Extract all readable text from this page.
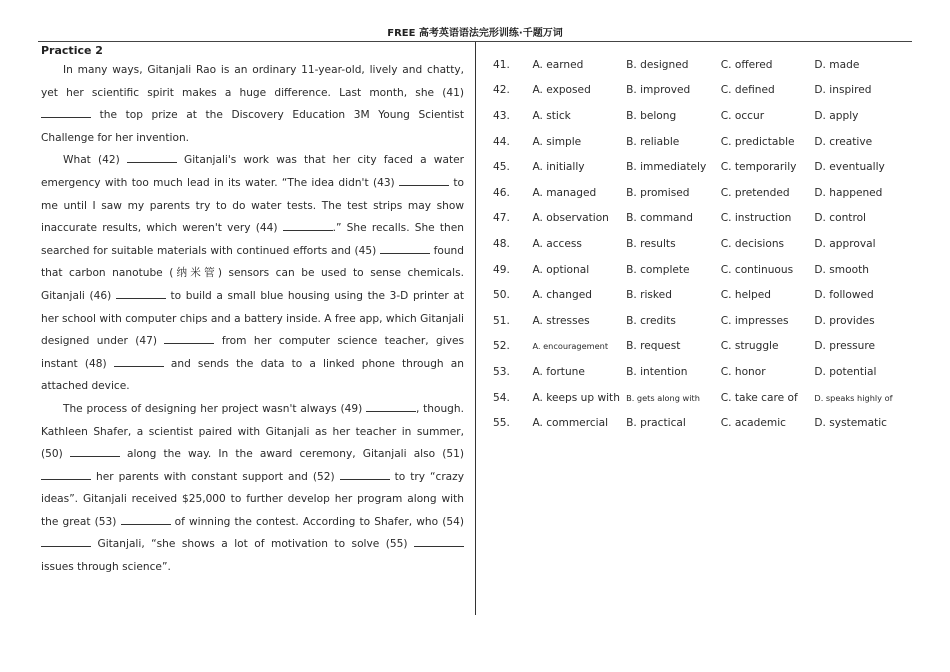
FREE 高考英语语法完形训练·千题万词
Practice 2

In many ways, Gitanjali Rao is an ordinary 11-year-old, lively and chatty, yet her scientific spirit makes a huge difference. Last month, she (41)  the top prize at the Discovery Education 3M Young Scientist Challenge for her invention.

What (42)	Gitanjali's work was that her city faced a water emergency with too much lead in its water. “The idea didn't (43)	to me until I saw my parents try to do water tests. The test strips may show inaccurate results, which weren't very (44)	.” She recalls. She then searched for suitable materials with continued efforts and (45)	found that carbon nanotube (纳米管) sensors can be used to sense chemicals. Gitanjali (46)	to build a small blue housing using the 3-D printer at her school with computer chips and a battery inside. A free app, which Gitanjali designed under (47)	from her computer science teacher, gives instant (48)	and sends the data to a linked phone through an attached device.

The process of designing her project wasn't always (49)	, though. Kathleen Shafer, a scientist paired with Gitanjali as her teacher in summer, (50)	along the way. In the award ceremony, Gitanjali also (51)  her parents with constant support and (52)	to try “crazy ideas”. Gitanjali received $25,000 to further develop her program along with the great (53)	of winning the contest. According to Shafer, who (54)  Gitanjali, “she shows a lot of motivation to solve (55)  issues through science”.

41.	A. earned	B. designed	C. offered	D. made
42.	A. exposed	B. improved	C. defined	D. inspired
43.	A. stick	B. belong	C. occur	D. apply
44.	A. simple	B. reliable	C. predictable	D. creative
45.	A. initially	B. immediately	C. temporarily	D. eventually
46.	A. managed	B. promised	C. pretended	D. happened
47.	A. observation	B. command	C. instruction	D. control
48.	A. access	B. results	C. decisions	D. approval
49.	A. optional	B. complete	C. continuous	D. smooth
50.	A. changed	B. risked	C. helped	D. followed
51.	A. stresses	B. credits	C. impresses	D. provides
52.	A. encouragement	B. request	C. struggle	D. pressure
53.	A. fortune	B. intention	C. honor	D. potential
54.	A. keeps up with B. gets along with	C. take care of	D. speaks highly of
55.	A. commercial	B. practical	C. academic	D. systematic
